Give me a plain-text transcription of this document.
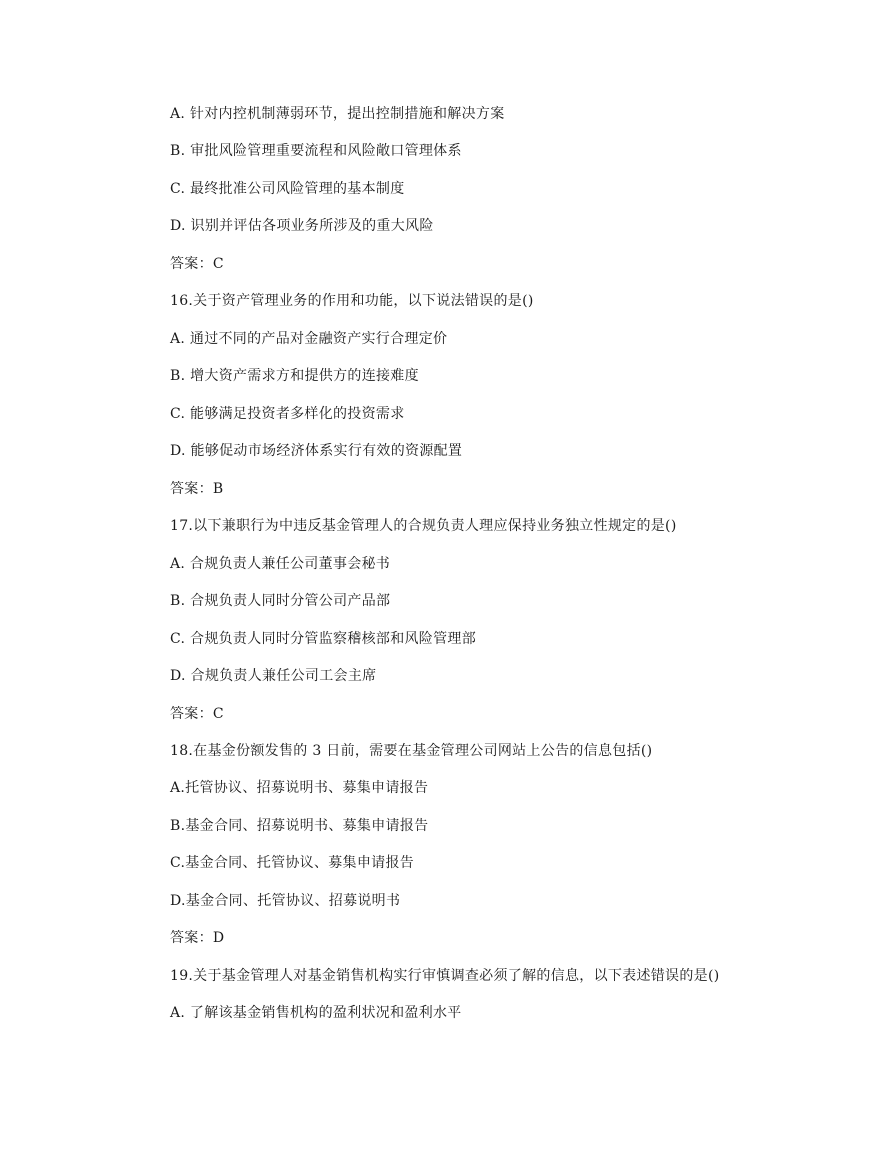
A. 针对内控机制薄弱环节，提出控制措施和解决方案
B. 审批风险管理重要流程和风险敞口管理体系
C. 最终批准公司风险管理的基本制度
D. 识别并评估各项业务所涉及的重大风险
答案：C
16.关于资产管理业务的作用和功能，以下说法错误的是()
A. 通过不同的产品对金融资产实行合理定价
B. 增大资产需求方和提供方的连接难度
C. 能够满足投资者多样化的投资需求
D. 能够促动市场经济体系实行有效的资源配置
答案：B
17.以下兼职行为中违反基金管理人的合规负责人理应保持业务独立性规定的是()
A. 合规负责人兼任公司董事会秘书
B. 合规负责人同时分管公司产品部
C. 合规负责人同时分管监察稽核部和风险管理部
D. 合规负责人兼任公司工会主席
答案：C
18.在基金份额发售的 3 日前，需要在基金管理公司网站上公告的信息包括()
A.托管协议、招募说明书、募集申请报告
B.基金合同、招募说明书、募集申请报告
C.基金合同、托管协议、募集申请报告
D.基金合同、托管协议、招募说明书
答案：D
19.关于基金管理人对基金销售机构实行审慎调查必须了解的信息，以下表述错误的是()
A. 了解该基金销售机构的盈利状况和盈利水平
